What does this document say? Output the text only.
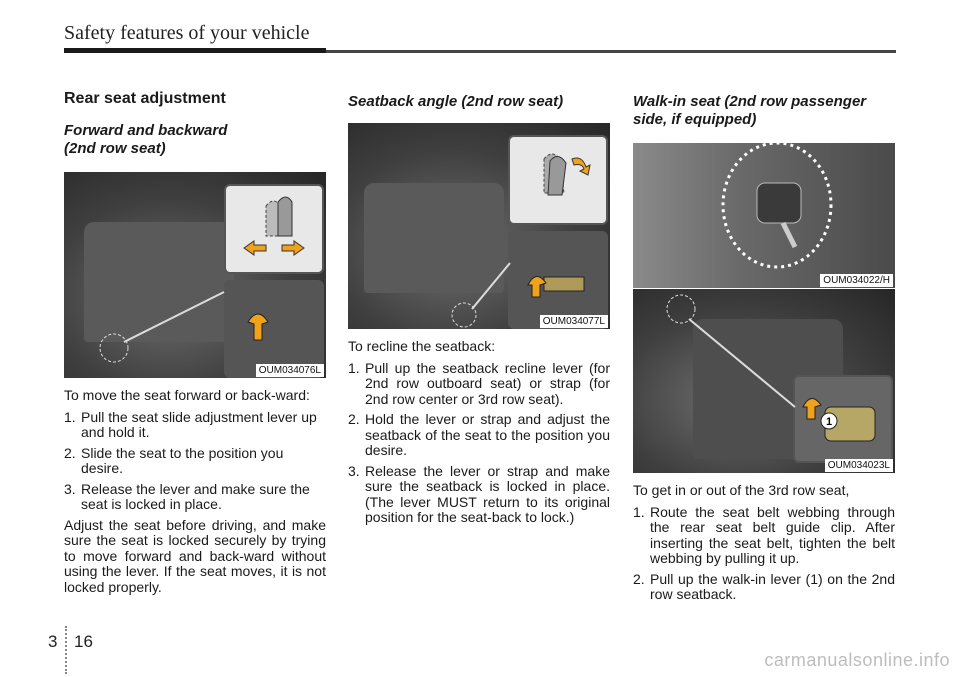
Safety features of your vehicle
Rear seat adjustment
Forward and backward
(2nd row seat)
OUM034076L

To move the seat forward or back-ward:

1. Pull the seat slide adjustment lever up and hold it.
2. Slide the seat to the position you desire.
3. Release the lever and make sure the seat is locked in place.

Adjust the seat before driving, and make sure the seat is locked securely by trying to move forward and back-ward without using the lever. If the seat moves, it is not locked properly.

Seatback angle (2nd row seat)
OUM034077L

To recline the seatback:

1. Pull up the seatback recline lever (for 2nd row outboard seat) or strap (for 2nd row center or 3rd row seat).
2. Hold the lever or strap and adjust the seatback of the seat to the position you desire.
3. Release the lever or strap and make sure the seatback is locked in place. (The lever MUST return to its original position for the seat-back to lock.)
Walk-in seat (2nd row passenger
side, if equipped)
OUM034022/H
1
OUM034023L

To get in or out of the 3rd row seat,

1. Route the seat belt webbing through the rear seat belt guide clip. After inserting the seat belt, tighten the belt webbing by pulling it up.
2. Pull up the walk-in lever (1) on the 2nd row seatback.
3 16
carmanualsonline.info
